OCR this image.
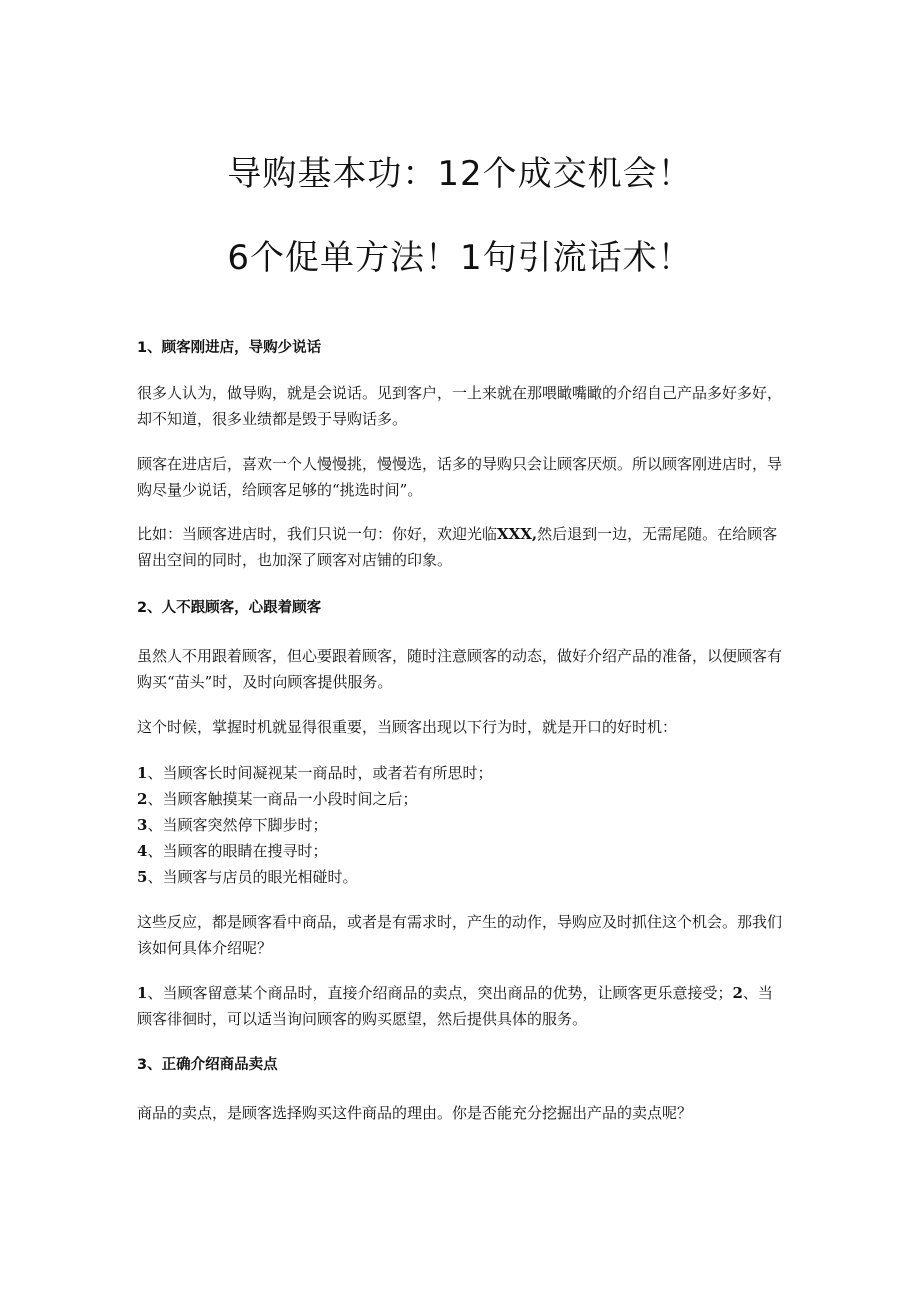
导购基本功：12个成交机会！
6个促单方法！1句引流话术！
1、顾客刚进店，导购少说话
很多人认为，做导购，就是会说话。见到客户，一上来就在那喂瞰嘴瞰的介绍自己产品多好多好，却不知道，很多业绩都是毁于导购话多。
顾客在进店后，喜欢一个人慢慢挑，慢慢选，话多的导购只会让顾客厌烦。所以顾客刚进店时，导购尽量少说话，给顾客足够的“挑选时间”。
比如：当顾客进店时，我们只说一句：你好，欢迎光临XXX,然后退到一边，无需尾随。在给顾客留出空间的同时，也加深了顾客对店铺的印象。
2、人不跟顾客，心跟着顾客
虽然人不用跟着顾客，但心要跟着顾客，随时注意顾客的动态，做好介绍产品的准备，以便顾客有购买“苗头”时，及时向顾客提供服务。
这个时候，掌握时机就显得很重要，当顾客出现以下行为时，就是开口的好时机：
1、当顾客长时间凝视某一商品时，或者若有所思时；
2、当顾客触摸某一商品一小段时间之后；
3、当顾客突然停下脚步时；
4、当顾客的眼睛在搜寻时；
5、当顾客与店员的眼光相碰时。
这些反应，都是顾客看中商品，或者是有需求时，产生的动作，导购应及时抓住这个机会。那我们该如何具体介绍呢？
1、当顾客留意某个商品时，直接介绍商品的卖点，突出商品的优势，让顾客更乐意接受；2、当顾客徘徊时，可以适当询问顾客的购买愿望，然后提供具体的服务。
3、正确介绍商品卖点
商品的卖点，是顾客选择购买这件商品的理由。你是否能充分挖掘出产品的卖点呢？
